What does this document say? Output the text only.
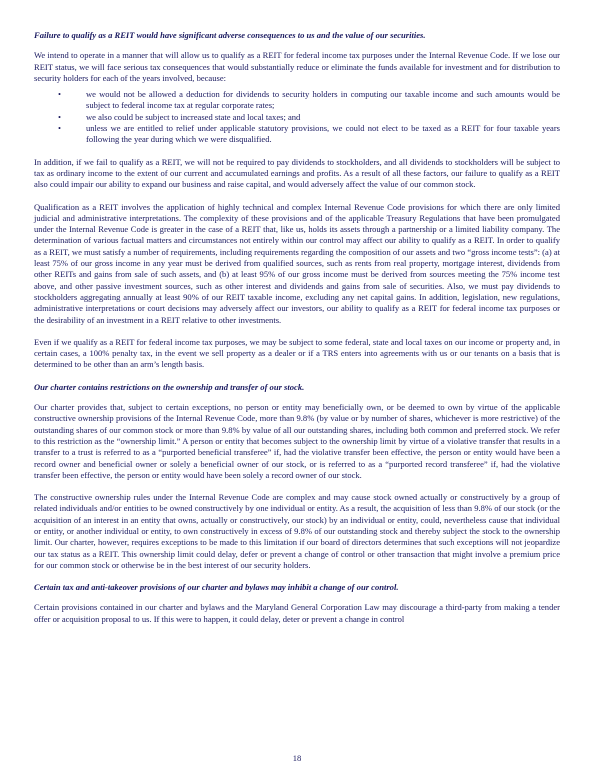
Failure to qualify as a REIT would have significant adverse consequences to us and the value of our securities.

We intend to operate in a manner that will allow us to qualify as a REIT for federal income tax purposes under the Internal Revenue Code. If we lose our REIT status, we will face serious tax consequences that would substantially reduce or eliminate the funds available for investment and for distribution to security holders for each of the years involved, because:

•	we would not be allowed a deduction for dividends to security holders in computing our taxable income and such amounts would be subject to federal income tax at regular corporate rates;
•	we also could be subject to increased state and local taxes; and
•	unless we are entitled to relief under applicable statutory provisions, we could not elect to be taxed as a REIT for four taxable years following the year during which we were disqualified.

In addition, if we fail to qualify as a REIT, we will not be required to pay dividends to stockholders, and all dividends to stockholders will be subject to tax as ordinary income to the extent of our current and accumulated earnings and profits. As a result of all these factors, our failure to qualify as a REIT also could impair our ability to expand our business and raise capital, and would adversely affect the value of our common stock.

Qualification as a REIT involves the application of highly technical and complex Internal Revenue Code provisions for which there are only limited judicial and administrative interpretations. The complexity of these provisions and of the applicable Treasury Regulations that have been promulgated under the Internal Revenue Code is greater in the case of a REIT that, like us, holds its assets through a partnership or a limited liability company. The determination of various factual matters and circumstances not entirely within our control may affect our ability to qualify as a REIT. In order to qualify as a REIT, we must satisfy a number of requirements, including requirements regarding the composition of our assets and two “gross income tests”: (a) at least 75% of our gross income in any year must be derived from qualified sources, such as rents from real property, mortgage interest, dividends from other REITs and gains from sale of such assets, and (b) at least 95% of our gross income must be derived from sources meeting the 75% income test above, and other passive investment sources, such as other interest and dividends and gains from sale of securities. Also, we must pay dividends to stockholders aggregating annually at least 90% of our REIT taxable income, excluding any net capital gains. In addition, legislation, new regulations, administrative interpretations or court decisions may adversely affect our investors, our ability to qualify as a REIT for federal income tax purposes or the desirability of an investment in a REIT relative to other investments.

Even if we qualify as a REIT for federal income tax purposes, we may be subject to some federal, state and local taxes on our income or property and, in certain cases, a 100% penalty tax, in the event we sell property as a dealer or if a TRS enters into agreements with us or our tenants on a basis that is determined to be other than an arm’s length basis.

Our charter contains restrictions on the ownership and transfer of our stock.

Our charter provides that, subject to certain exceptions, no person or entity may beneficially own, or be deemed to own by virtue of the applicable constructive ownership provisions of the Internal Revenue Code, more than 9.8% (by value or by number of shares, whichever is more restrictive) of the outstanding shares of our common stock or more than 9.8% by value of all our outstanding shares, including both common and preferred stock. We refer to this restriction as the “ownership limit.” A person or entity that becomes subject to the ownership limit by virtue of a violative transfer that results in a transfer to a trust is referred to as a “purported beneficial transferee” if, had the violative transfer been effective, the person or entity would have been a record owner and beneficial owner or solely a beneficial owner of our stock, or is referred to as a “purported record transferee” if, had the violative transfer been effective, the person or entity would have been solely a record owner of our stock.

The constructive ownership rules under the Internal Revenue Code are complex and may cause stock owned actually or constructively by a group of related individuals and/or entities to be owned constructively by one individual or entity. As a result, the acquisition of less than 9.8% of our stock (or the acquisition of an interest in an entity that owns, actually or constructively, our stock) by an individual or entity, could, nevertheless cause that individual or entity, or another individual or entity, to own constructively in excess of 9.8% of our outstanding stock and thereby subject the stock to the ownership limit. Our charter, however, requires exceptions to be made to this limitation if our board of directors determines that such exceptions will not jeopardize our tax status as a REIT. This ownership limit could delay, defer or prevent a change of control or other transaction that might involve a premium price for our common stock or otherwise be in the best interest of our security holders.

Certain tax and anti-takeover provisions of our charter and bylaws may inhibit a change of our control.

Certain provisions contained in our charter and bylaws and the Maryland General Corporation Law may discourage a third-party from making a tender offer or acquisition proposal to us. If this were to happen, it could delay, deter or prevent a change in control

18
